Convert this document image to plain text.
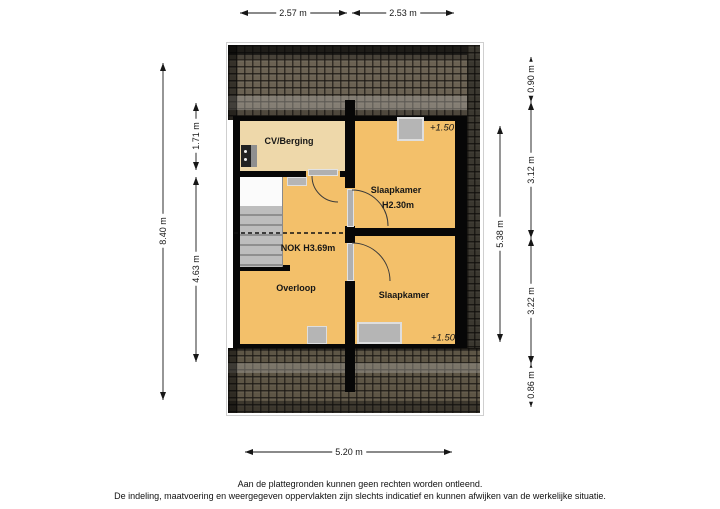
2.57 m	2.53 m
8.40 m
1.71 m
4.63 m
5.38 m
0.90 m
3.12 m
3.22 m
0.86 m
5.20 m
CV/Berging
Slaapkamer
H2.30m
+1.50
NOK H3.69m
Overloop
Slaapkamer
+1.50
Aan de plattegronden kunnen geen rechten worden ontleend.
De indeling, maatvoering en weergegeven oppervlakten zijn slechts indicatief en kunnen afwijken van de werkelijke situatie.
